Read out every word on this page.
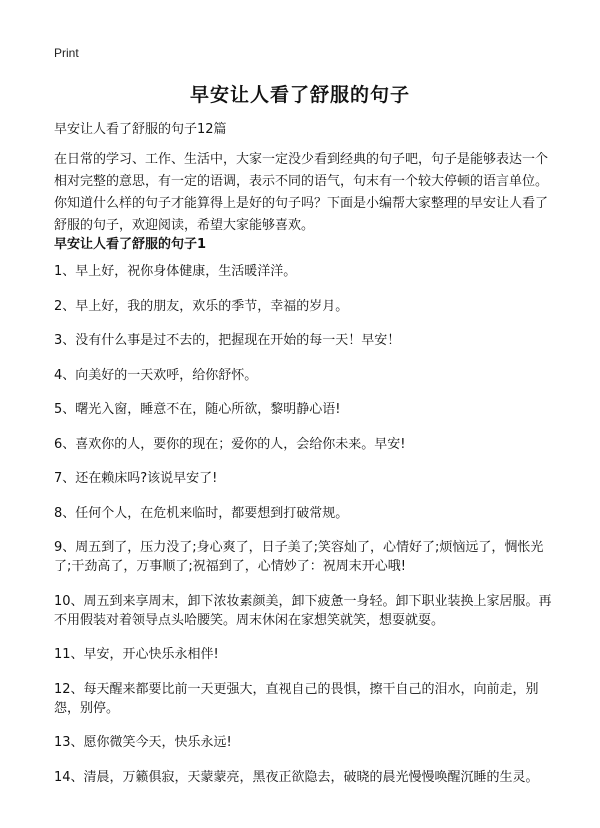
Print
早安让人看了舒服的句子

早安让人看了舒服的句子12篇

在日常的学习、工作、生活中，大家一定没少看到经典的句子吧，句子是能够表达一个相对完整的意思，有一定的语调，表示不同的语气，句末有一个较大停顿的语言单位。你知道什么样的句子才能算得上是好的句子吗？下面是小编帮大家整理的早安让人看了舒服的句子，欢迎阅读，希望大家能够喜欢。

早安让人看了舒服的句子1

1、早上好，祝你身体健康，生活暖洋洋。
2、早上好，我的朋友，欢乐的季节，幸福的岁月。
3、没有什么事是过不去的，把握现在开始的每一天！早安！
4、向美好的一天欢呼，给你舒怀。
5、曙光入窗，睡意不在，随心所欲，黎明静心语!
6、喜欢你的人，要你的现在；爱你的人，会给你未来。早安!
7、还在赖床吗?该说早安了!
8、任何个人，在危机来临时，都要想到打破常规。
9、周五到了，压力没了;身心爽了，日子美了;笑容灿了，心情好了;烦恼远了，惆怅光了;干劲高了，万事顺了;祝福到了，心情妙了：祝周末开心哦!
10、周五到来享周末，卸下浓妆素颜美，卸下疲惫一身轻。卸下职业装换上家居服。再不用假装对着领导点头哈腰笑。周末休闲在家想笑就笑，想耍就耍。
11、早安，开心快乐永相伴!
12、每天醒来都要比前一天更强大，直视自己的畏惧，擦干自己的泪水，向前走，别怨，别停。
13、愿你微笑今天，快乐永远!
14、清晨，万籁俱寂，天蒙蒙亮，黑夜正欲隐去，破晓的晨光慢慢唤醒沉睡的生灵。
